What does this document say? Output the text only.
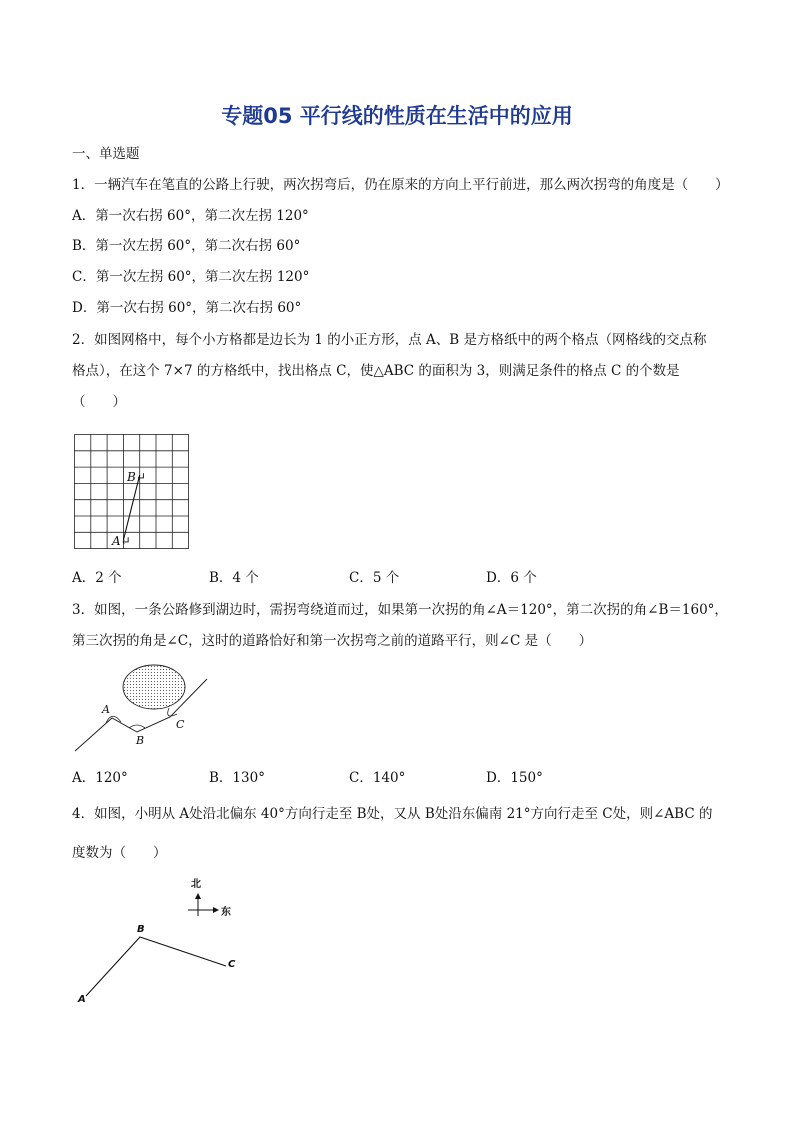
专题05 平行线的性质在生活中的应用
一、单选题
1．一辆汽车在笔直的公路上行驶，两次拐弯后，仍在原来的方向上平行前进，那么两次拐弯的角度是（　　）
A．第一次右拐 60°，第二次左拐 120°
B．第一次左拐 60°，第二次右拐 60°
C．第一次左拐 60°，第二次左拐 120°
D．第一次右拐 60°，第二次右拐 60°
2．如图网格中，每个小方格都是边长为 1 的小正方形，点 A、B 是方格纸中的两个格点（网格线的交点称
格点），在这个 7×7 的方格纸中，找出格点 C，使△ABC 的面积为 3，则满足条件的格点 C 的个数是
（　　）
B↵
A↵
A．2 个	B．4 个	C．5 个	D．6 个
3．如图，一条公路修到湖边时，需拐弯绕道而过，如果第一次拐的角∠A＝120°，第二次拐的角∠B＝160°，
第三次拐的角是∠C，这时的道路恰好和第一次拐弯之前的道路平行，则∠C 是（　　）
A
B
C
A．120°	B．130°	C．140°	D．150°
4．如图，小明从 A处沿北偏东 40°方向行走至 B处，又从 B处沿东偏南 21°方向行走至 C处，则∠ABC 的
度数为（　　）
北
东
A
B
C
